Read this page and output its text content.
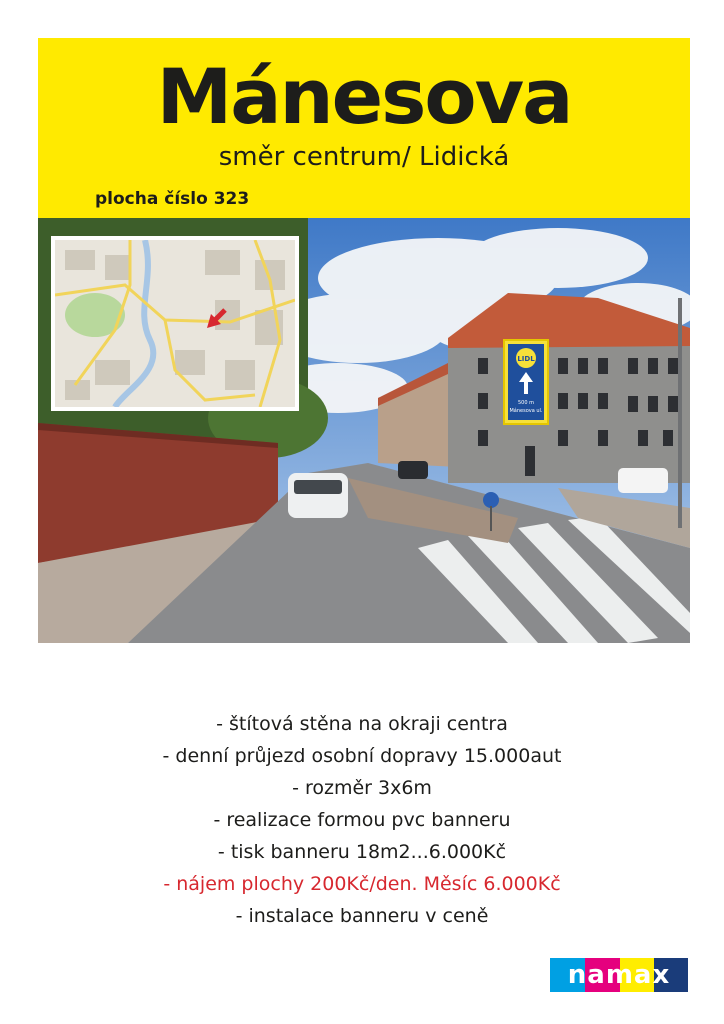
Mánesova
směr centrum/ Lidická
plocha číslo 323
LIDL
500 m
Mánesova ul.
- štítová stěna na okraji centra
- denní průjezd osobní dopravy 15.000aut
- rozměr 3x6m
- realizace formou pvc banneru
- tisk banneru 18m2...6.000Kč
- nájem plochy 200Kč/den. Měsíc 6.000Kč
- instalace banneru v ceně
namax
